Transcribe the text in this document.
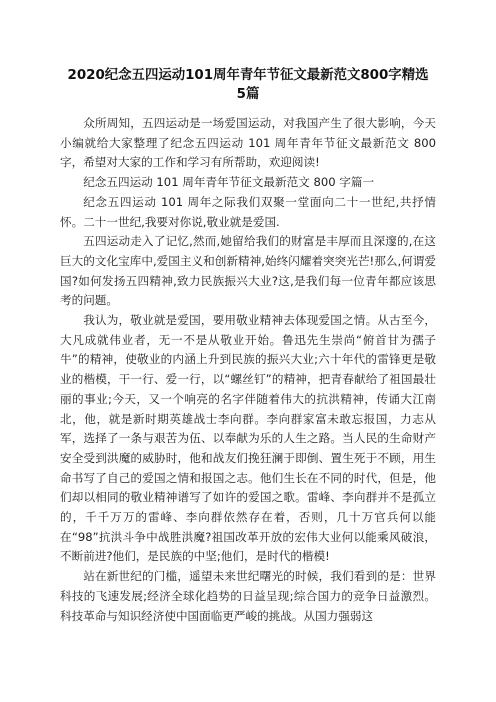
2020纪念五四运动101周年青年节征文最新范文800字精选
5篇

众所周知，五四运动是一场爱国运动，对我国产生了很大影响，今天小编就给大家整理了纪念五四运动 101 周年青年节征文最新范文 800 字，希望对大家的工作和学习有所帮助，欢迎阅读!

纪念五四运动 101 周年青年节征文最新范文 800 字篇一

纪念五四运动 101 周年之际我们双聚一堂面向二十一世纪,共抒情怀。二十一世纪,我要对你说,敬业就是爱国.

五四运动走入了记忆,然而,她留给我们的财富是丰厚而且深邃的,在这巨大的文化宝库中,爱国主义和创新精神,始终闪耀着突突光芒!那么,何谓爱国?如何发扬五四精神,致力民族振兴大业?这,是我们每一位青年都应该思考的问题。

我认为，敬业就是爱国，要用敬业精神去体现爱国之情。从古至今，大凡成就伟业者，无一不是从敬业开始。鲁迅先生崇尚“俯首甘为孺子牛”的精神，使敬业的内涵上升到民族的振兴大业;六十年代的雷锋更是敬业的楷模，干一行、爱一行，以“螺丝钉”的精神，把青春献给了祖国最壮丽的事业;今天，又一个响亮的名字伴随着伟大的抗洪精神，传诵大江南北，他，就是新时期英雄战士李向群。李向群家富未敢忘报国，力志从军，选择了一条与艰苦为伍、以奉献为乐的人生之路。当人民的生命财产安全受到洪魔的威胁时，他和战友们挽狂澜于即倒、置生死于不顾，用生命书写了自己的爱国之情和报国之志。他们生长在不同的时代，但是，他们却以相同的敬业精神谱写了如许的爱国之歌。雷峰、李向群并不是孤立的，千千万万的雷峰、李向群依然存在着，否则，几十万官兵何以能在“98”抗洪斗争中战胜洪魔?祖国改革开放的宏伟大业何以能乘风破浪，不断前进?他们，是民族的中坚;他们，是时代的楷模!

站在新世纪的门槛，遥望未来世纪曙光的时候，我们看到的是：世界科技的飞速发展;经济全球化趋势的日益呈现;综合国力的竞争日益激烈。科技革命与知识经济使中国面临更严峻的挑战。从国力强弱这
